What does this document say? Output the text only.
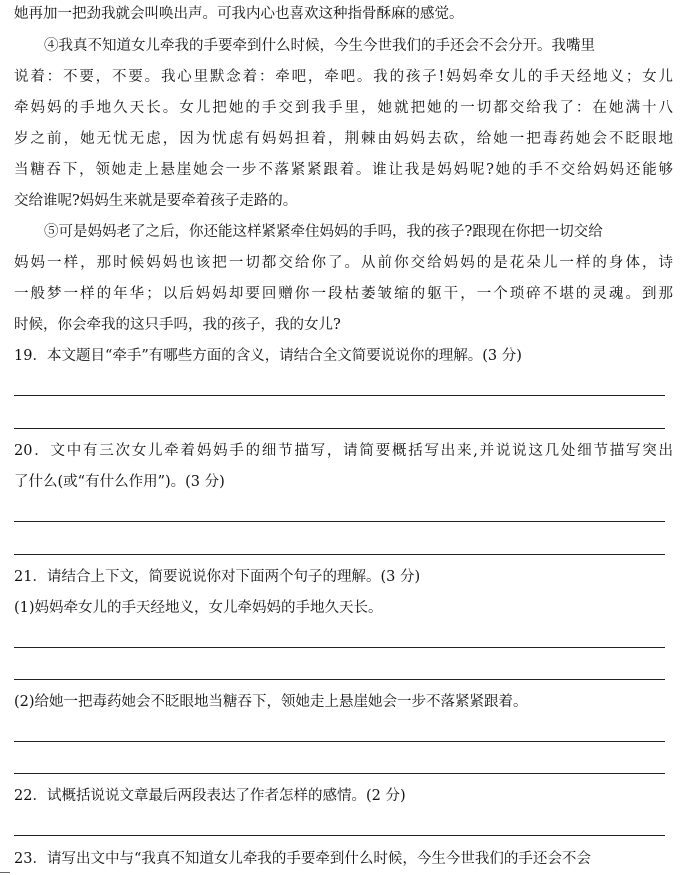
她再加一把劲我就会叫唤出声。可我内心也喜欢这种指骨酥麻的感觉。
④我真不知道女儿牵我的手要牵到什么时候，今生今世我们的手还会不会分开。我嘴里
说着：不要，不要。我心里默念着：牵吧，牵吧。我的孩子!妈妈牵女儿的手天经地义；女儿
牵妈妈的手地久天长。女儿把她的手交到我手里，她就把她的一切都交给我了：在她满十八
岁之前，她无忧无虑，因为忧虑有妈妈担着，荆棘由妈妈去砍，给她一把毒药她会不眨眼地
当糖吞下，领她走上悬崖她会一步不落紧紧跟着。谁让我是妈妈呢?她的手不交给妈妈还能够
交给谁呢?妈妈生来就是要牵着孩子走路的。
⑤可是妈妈老了之后，你还能这样紧紧牵住妈妈的手吗，我的孩子?跟现在你把一切交给
妈妈一样，那时候妈妈也该把一切都交给你了。从前你交给妈妈的是花朵儿一样的身体，诗
一般梦一样的年华；以后妈妈却要回赠你一段枯萎皱缩的躯干，一个琐碎不堪的灵魂。到那
时候，你会牵我的这只手吗，我的孩子，我的女儿?
19．本文题目“牵手”有哪些方面的含义，请结合全文简要说说你的理解。(3 分)
20．文中有三次女儿牵着妈妈手的细节描写，请简要概括写出来,并说说这几处细节描写突出
了什么(或“有什么作用”)。(3 分)
21．请结合上下文，简要说说你对下面两个句子的理解。(3 分)
(1)妈妈牵女儿的手天经地义，女儿牵妈妈的手地久天长。
(2)给她一把毒药她会不眨眼地当糖吞下，领她走上悬崖她会一步不落紧紧跟着。
22．试概括说说文章最后两段表达了作者怎样的感情。(2 分)
23．请写出文中与“我真不知道女儿牵我的手要牵到什么时候，今生今世我们的手还会不会
